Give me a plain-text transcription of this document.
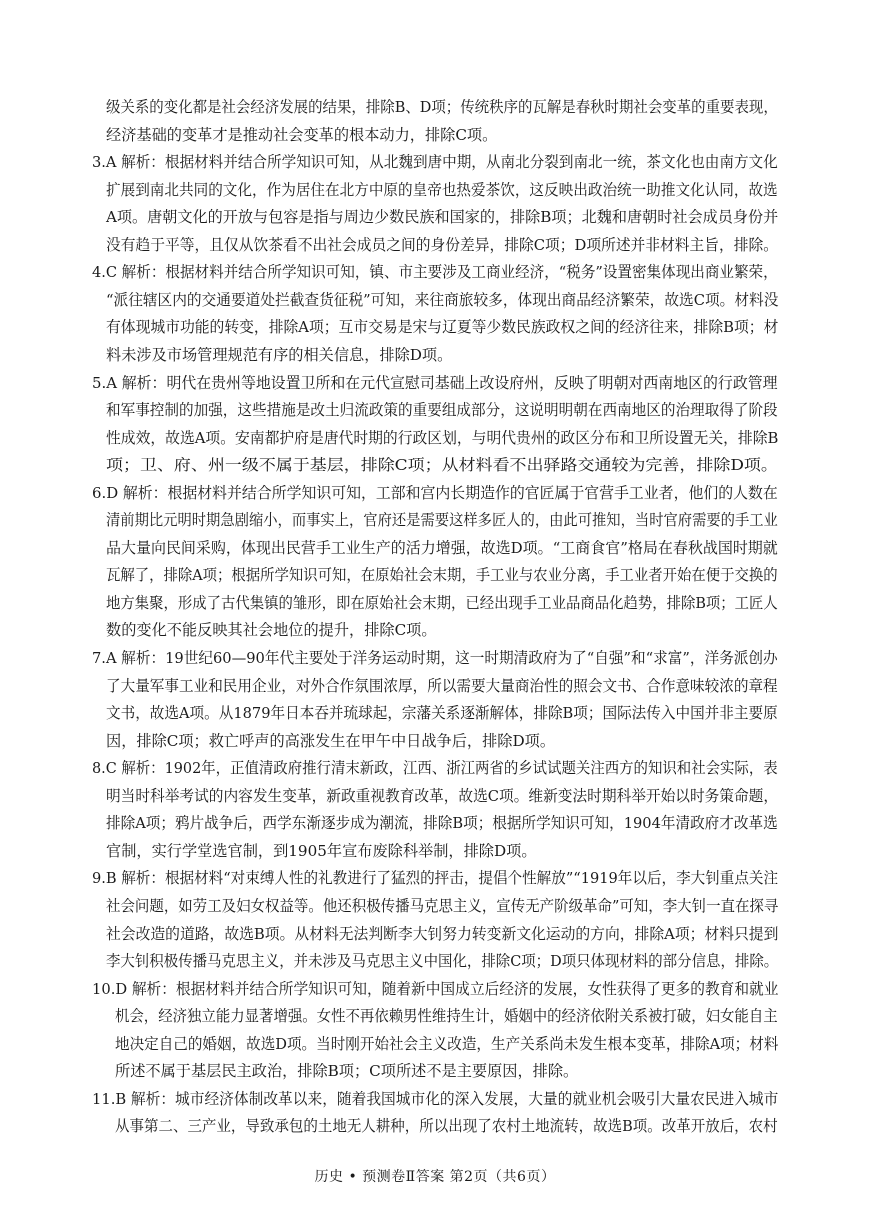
级关系的变化都是社会经济发展的结果，排除B、D项；传统秩序的瓦解是春秋时期社会变革的重要表现，
经济基础的变革才是推动社会变革的根本动力，排除C项。
3.A 解析：根据材料并结合所学知识可知，从北魏到唐中期，从南北分裂到南北一统，茶文化也由南方文化
扩展到南北共同的文化，作为居住在北方中原的皇帝也热爱茶饮，这反映出政治统一助推文化认同，故选
A项。唐朝文化的开放与包容是指与周边少数民族和国家的，排除B项；北魏和唐朝时社会成员身份并
没有趋于平等，且仅从饮茶看不出社会成员之间的身份差异，排除C项；D项所述并非材料主旨，排除。
4.C 解析：根据材料并结合所学知识可知，镇、市主要涉及工商业经济，“税务”设置密集体现出商业繁荣，
“派往辖区内的交通要道处拦截查货征税”可知，来往商旅较多，体现出商品经济繁荣，故选C项。材料没
有体现城市功能的转变，排除A项；互市交易是宋与辽夏等少数民族政权之间的经济往来，排除B项；材
料未涉及市场管理规范有序的相关信息，排除D项。
5.A 解析：明代在贵州等地设置卫所和在元代宣慰司基础上改设府州，反映了明朝对西南地区的行政管理
和军事控制的加强，这些措施是改土归流政策的重要组成部分，这说明明朝在西南地区的治理取得了阶段
性成效，故选A项。安南都护府是唐代时期的行政区划，与明代贵州的政区分布和卫所设置无关，排除B
项；卫、府、州一级不属于基层，排除C项；从材料看不出驿路交通较为完善，排除D项。
6.D 解析：根据材料并结合所学知识可知，工部和宫内长期造作的官匠属于官营手工业者，他们的人数在
清前期比元明时期急剧缩小，而事实上，官府还是需要这样多匠人的，由此可推知，当时官府需要的手工业
品大量向民间采购，体现出民营手工业生产的活力增强，故选D项。“工商食官”格局在春秋战国时期就
瓦解了，排除A项；根据所学知识可知，在原始社会末期，手工业与农业分离，手工业者开始在便于交换的
地方集聚，形成了古代集镇的雏形，即在原始社会末期，已经出现手工业品商品化趋势，排除B项；工匠人
数的变化不能反映其社会地位的提升，排除C项。
7.A 解析：19世纪60—90年代主要处于洋务运动时期，这一时期清政府为了“自强”和“求富”，洋务派创办
了大量军事工业和民用企业，对外合作氛围浓厚，所以需要大量商治性的照会文书、合作意味较浓的章程
文书，故选A项。从1879年日本吞并琉球起，宗藩关系逐渐解体，排除B项；国际法传入中国并非主要原
因，排除C项；救亡呼声的高涨发生在甲午中日战争后，排除D项。
8.C 解析：1902年，正值清政府推行清末新政，江西、浙江两省的乡试试题关注西方的知识和社会实际，表
明当时科举考试的内容发生变革，新政重视教育改革，故选C项。维新变法时期科举开始以时务策命题，
排除A项；鸦片战争后，西学东渐逐步成为潮流，排除B项；根据所学知识可知，1904年清政府才改革选
官制，实行学堂选官制，到1905年宣布废除科举制，排除D项。
9.B 解析：根据材料“对束缚人性的礼教进行了猛烈的抨击，提倡个性解放”“1919年以后，李大钊重点关注
社会问题，如劳工及妇女权益等。他还积极传播马克思主义，宣传无产阶级革命”可知，李大钊一直在探寻
社会改造的道路，故选B项。从材料无法判断李大钊努力转变新文化运动的方向，排除A项；材料只提到
李大钊积极传播马克思主义，并未涉及马克思主义中国化，排除C项；D项只体现材料的部分信息，排除。
10.D 解析：根据材料并结合所学知识可知，随着新中国成立后经济的发展，女性获得了更多的教育和就业
机会，经济独立能力显著增强。女性不再依赖男性维持生计，婚姻中的经济依附关系被打破，妇女能自主
地决定自己的婚姻，故选D项。当时刚开始社会主义改造，生产关系尚未发生根本变革，排除A项；材料
所述不属于基层民主政治，排除B项；C项所述不是主要原因，排除。
11.B 解析：城市经济体制改革以来，随着我国城市化的深入发展，大量的就业机会吸引大量农民进入城市
从事第二、三产业，导致承包的土地无人耕种，所以出现了农村土地流转，故选B项。改革开放后，农村
历史 • 预测卷Ⅱ答案 第2页（共6页）
